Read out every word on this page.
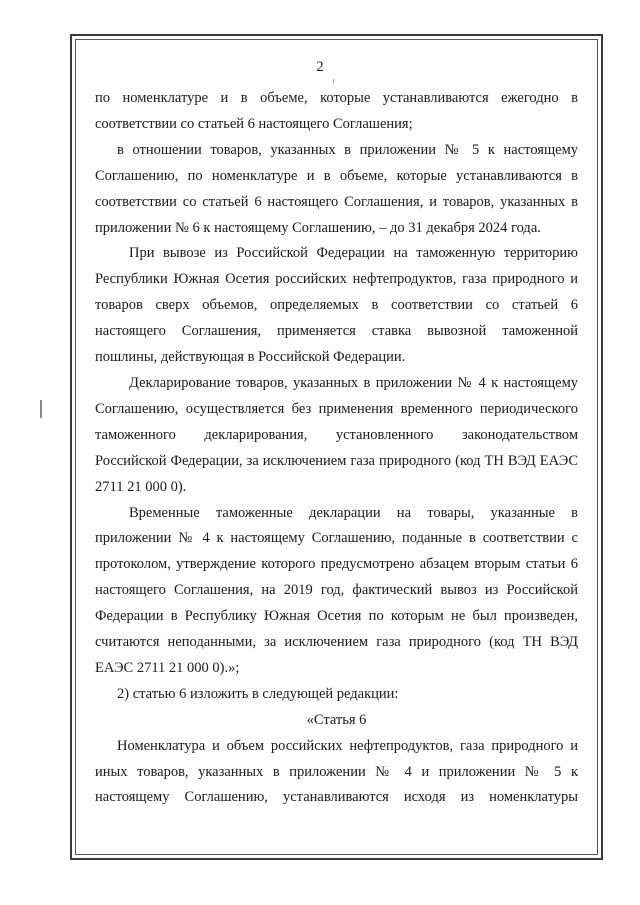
2

по номенклатуре и в объеме, которые устанавливаются ежегодно в соответствии со статьей 6 настоящего Соглашения;

в отношении товаров, указанных в приложении № 5 к настоящему Соглашению, по номенклатуре и в объеме, которые устанавливаются в соответствии со статьей 6 настоящего Соглашения, и товаров, указанных в приложении № 6 к настоящему Соглашению, – до 31 декабря 2024 года.

При вывозе из Российской Федерации на таможенную территорию Республики Южная Осетия российских нефтепродуктов, газа природного и товаров сверх объемов, определяемых в соответствии со статьей 6 настоящего Соглашения, применяется ставка вывозной таможенной пошлины, действующая в Российской Федерации.

Декларирование товаров, указанных в приложении № 4 к настоящему Соглашению, осуществляется без применения временного периодического таможенного декларирования, установленного законодательством Российской Федерации, за исключением газа природного (код ТН ВЭД ЕАЭС 2711 21 000 0).

Временные таможенные декларации на товары, указанные в приложении № 4 к настоящему Соглашению, поданные в соответствии с протоколом, утверждение которого предусмотрено абзацем вторым статьи 6 настоящего Соглашения, на 2019 год, фактический вывоз из Российской Федерации в Республику Южная Осетия по которым не был произведен, считаются неподанными, за исключением газа природного (код ТН ВЭД ЕАЭС 2711 21 000 0).»;

2) статью 6 изложить в следующей редакции:

«Статья 6

Номенклатура и объем российских нефтепродуктов, газа природного и иных товаров, указанных в приложении № 4 и приложении № 5 к настоящему Соглашению, устанавливаются исходя из номенклатуры
